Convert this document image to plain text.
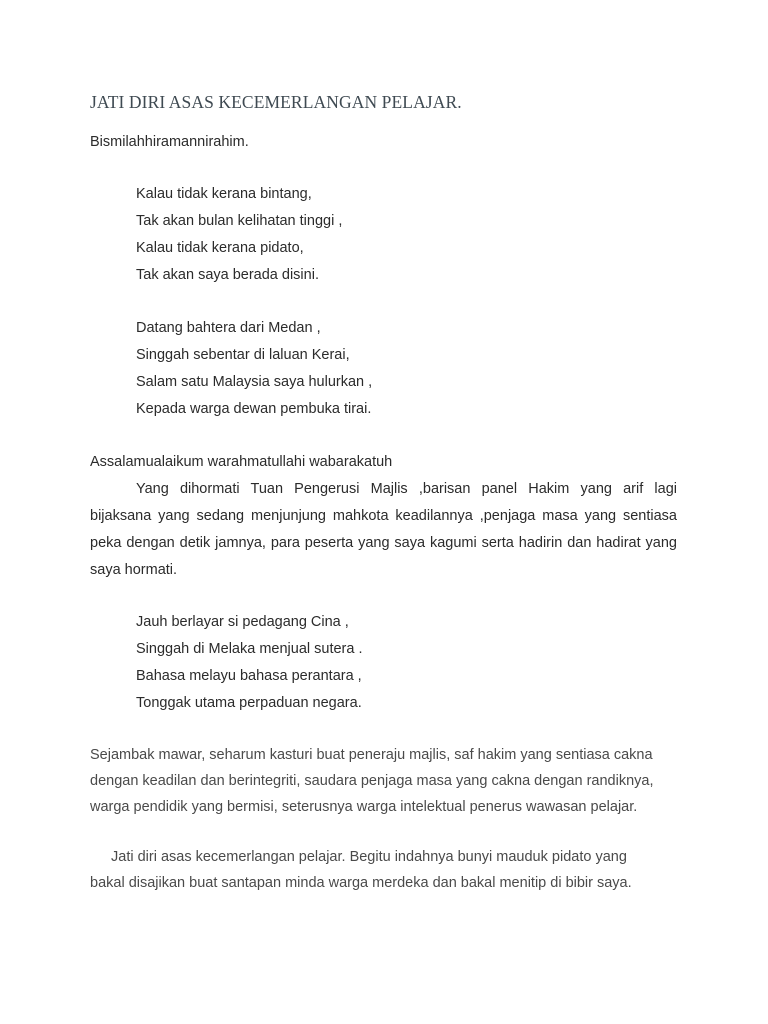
JATI DIRI ASAS KECEMERLANGAN PELAJAR.

Bismilahhiramannirahim.

Kalau tidak kerana bintang,

Tak akan bulan kelihatan tinggi ,

Kalau tidak kerana pidato,

Tak akan saya berada disini.

Datang bahtera dari Medan ,

Singgah sebentar di laluan Kerai,

Salam satu Malaysia saya hulurkan ,

Kepada warga dewan pembuka tirai.

Assalamualaikum warahmatullahi wabarakatuh

Yang dihormati Tuan Pengerusi Majlis ,barisan panel Hakim yang arif lagi

bijaksana yang sedang menjunjung mahkota keadilannya ,penjaga masa yang sentiasa

peka dengan detik jamnya, para peserta yang saya kagumi serta hadirin dan hadirat yang

saya hormati.

Jauh berlayar si pedagang Cina ,

Singgah di Melaka menjual sutera .

Bahasa melayu bahasa perantara ,

Tonggak utama perpaduan negara.

Sejambak mawar, seharum kasturi buat peneraju majlis, saf hakim yang sentiasa cakna

dengan keadilan dan berintegriti, saudara penjaga masa yang cakna dengan randiknya,

warga pendidik yang bermisi, seterusnya warga intelektual penerus wawasan pelajar.

Jati diri asas kecemerlangan pelajar. Begitu indahnya bunyi mauduk pidato yang

bakal disajikan buat santapan minda warga merdeka dan bakal menitip di bibir saya.
